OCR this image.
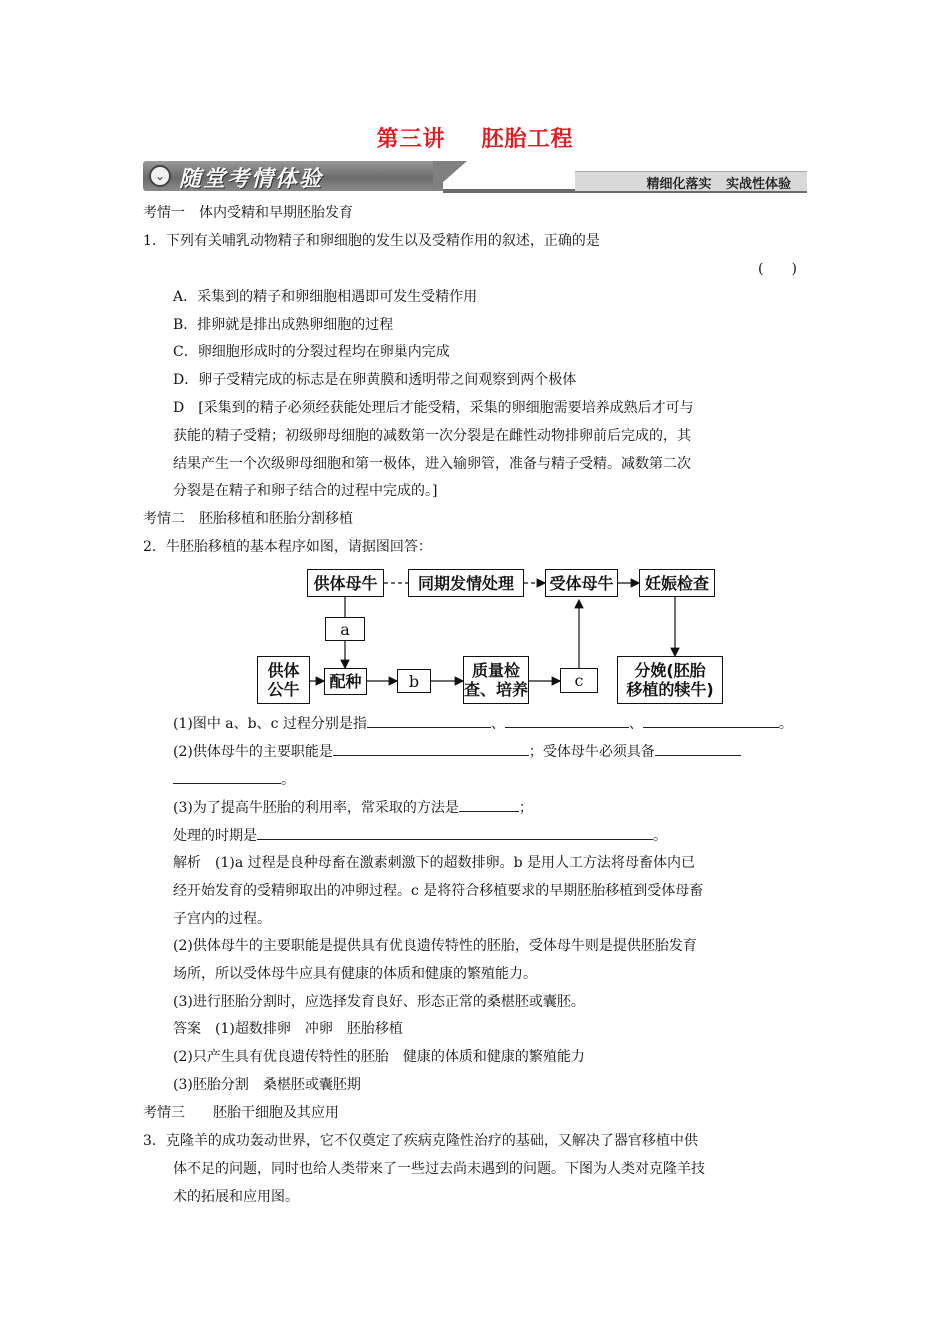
第三讲 胚胎工程
⌄ 随堂考情体验	精细化落实 实战性体验
考情一　体内受精和早期胚胎发育
1．下列有关哺乳动物精子和卵细胞的发生以及受精作用的叙述，正确的是
(　　)
A．采集到的精子和卵细胞相遇即可发生受精作用
B．排卵就是排出成熟卵细胞的过程
C．卵细胞形成时的分裂过程均在卵巢内完成
D．卵子受精完成的标志是在卵黄膜和透明带之间观察到两个极体
D　[采集到的精子必须经获能处理后才能受精，采集的卵细胞需要培养成熟后才可与
获能的精子受精；初级卵母细胞的减数第一次分裂是在雌性动物排卵前后完成的，其
结果产生一个次级卵母细胞和第一极体，进入输卵管，准备与精子受精。减数第二次
分裂是在精子和卵子结合的过程中完成的。]
考情二　胚胎移植和胚胎分割移植
2．牛胚胎移植的基本程序如图，请据图回答：
供体母牛	同期发情处理	受体母牛	妊娠检查
a
供体
公牛	配种	b
质量检
查、培养	c
分娩(胚胎
移植的犊牛)
(1)图中 a、b、c 过程分别是指	、	、	。
(2)供体母牛的主要职能是	；受体母牛必须具备
。
(3)为了提高牛胚胎的利用率，常采取的方法是	；
处理的时期是	。
解析　(1)a 过程是良种母畜在激素刺激下的超数排卵。b 是用人工方法将母畜体内已
经开始发育的受精卵取出的冲卵过程。c 是将符合移植要求的早期胚胎移植到受体母畜
子宫内的过程。
(2)供体母牛的主要职能是提供具有优良遗传特性的胚胎，受体母牛则是提供胚胎发育
场所，所以受体母牛应具有健康的体质和健康的繁殖能力。
(3)进行胚胎分割时，应选择发育良好、形态正常的桑椹胚或囊胚。
答案　(1)超数排卵　冲卵　胚胎移植
(2)只产生具有优良遗传特性的胚胎　健康的体质和健康的繁殖能力
(3)胚胎分割　桑椹胚或囊胚期
考情三　　胚胎干细胞及其应用
3．克隆羊的成功轰动世界，它不仅奠定了疾病克隆性治疗的基础，又解决了器官移植中供
体不足的问题，同时也给人类带来了一些过去尚未遇到的问题。下图为人类对克隆羊技
术的拓展和应用图。
